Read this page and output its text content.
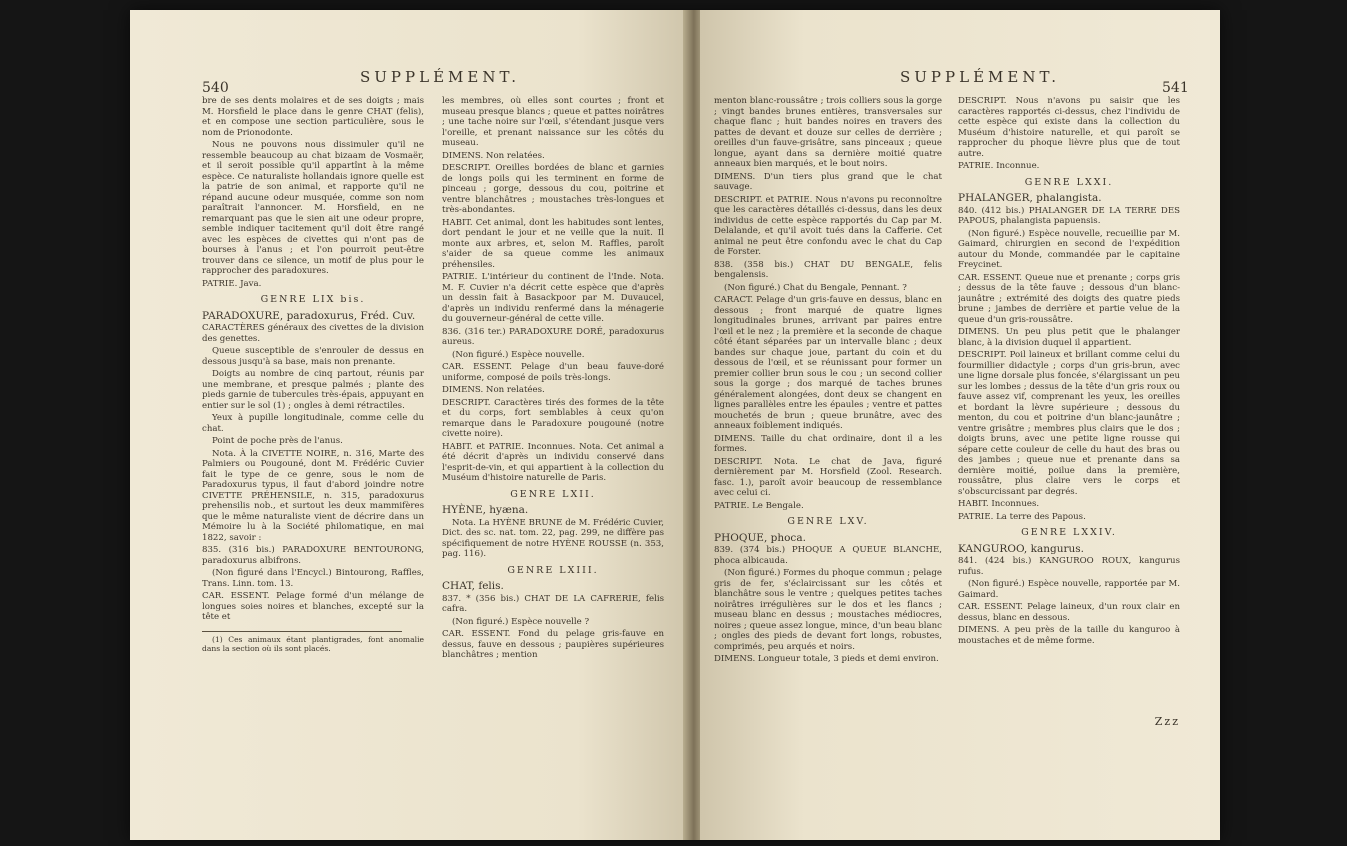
540
SUPPLÉMENT.

bre de ses dents molaires et de ses doigts ; mais M. Horsfield le place dans le genre CHAT (felis), et en compose une section particulière, sous le nom de Prionodonte.

Nous ne pouvons nous dissimuler qu'il ne ressemble beaucoup au chat bizaam de Vosmaër, et il seroit possible qu'il appartînt à la même espèce. Ce naturaliste hollandais ignore quelle est la patrie de son animal, et rapporte qu'il ne répand aucune odeur musquée, comme son nom paraîtrait l'annoncer. M. Horsfield, en ne remarquant pas que le sien ait une odeur propre, semble indiquer tacitement qu'il doit être rangé avec les espèces de civettes qui n'ont pas de bourses à l'anus ; et l'on pourroit peut-être trouver dans ce silence, un motif de plus pour le rapprocher des paradoxures.

PATRIE. Java.

GENRE LIX bis.

PARADOXURE, paradoxurus, Fréd. Cuv.

CARACTÈRES généraux des civettes de la division des genettes.

Queue susceptible de s'enrouler de dessus en dessous jusqu'à sa base, mais non prenante.

Doigts au nombre de cinq partout, réunis par une membrane, et presque palmés ; plante des pieds garnie de tubercules très-épais, appuyant en entier sur le sol (1) ; ongles à demi rétractiles.

Yeux à pupille longitudinale, comme celle du chat.

Point de poche près de l'anus.

Nota. À la CIVETTE NOIRE, n. 316, Marte des Palmiers ou Pougouné, dont M. Frédéric Cuvier fait le type de ce genre, sous le nom de Paradoxurus typus, il faut d'abord joindre notre CIVETTE PRÉHENSILE, n. 315, paradoxurus prehensilis nob., et surtout les deux mammifères que le même naturaliste vient de décrire dans un Mémoire lu à la Société philomatique, en mai 1822, savoir :

835. (316 bis.) PARADOXURE BENTOURONG, paradoxurus albifrons.

(Non figuré dans l'Encycl.) Bintourong, Raffles, Trans. Linn. tom. 13.

CAR. ESSENT. Pelage formé d'un mélange de longues soies noires et blanches, excepté sur la tête et

(1) Ces animaux étant plantigrades, font anomalie dans la section où ils sont placés.

les membres, où elles sont courtes ; front et museau presque blancs ; queue et pattes noirâtres ; une tache noire sur l'œil, s'étendant jusque vers l'oreille, et prenant naissance sur les côtés du museau.

DIMENS. Non relatées.

DESCRIPT. Oreilles bordées de blanc et garnies de longs poils qui les terminent en forme de pinceau ; gorge, dessous du cou, poitrine et ventre blanchâtres ; moustaches très-longues et très-abondantes.

HABIT. Cet animal, dont les habitudes sont lentes, dort pendant le jour et ne veille que la nuit. Il monte aux arbres, et, selon M. Raffles, paroît s'aider de sa queue comme les animaux préhensiles.

PATRIE. L'intérieur du continent de l'Inde. Nota. M. F. Cuvier n'a décrit cette espèce que d'après un dessin fait à Basackpoor par M. Duvaucel, d'après un individu renfermé dans la ménagerie du gouverneur-général de cette ville.

836. (316 ter.) PARADOXURE DORÉ, paradoxurus aureus.

(Non figuré.) Espèce nouvelle.

CAR. ESSENT. Pelage d'un beau fauve-doré uniforme, composé de poils très-longs.

DIMENS. Non relatées.

DESCRIPT. Caractères tirés des formes de la tête et du corps, fort semblables à ceux qu'on remarque dans le Paradoxure pougouné (notre civette noire).

HABIT. et PATRIE. Inconnues. Nota. Cet animal a été décrit d'après un individu conservé dans l'esprit-de-vin, et qui appartient à la collection du Muséum d'histoire naturelle de Paris.

GENRE LXII.

HYÈNE, hyæna.

Nota. La HYÈNE BRUNE de M. Frédéric Cuvier, Dict. des sc. nat. tom. 22, pag. 299, ne diffère pas spécifiquement de notre HYÈNE ROUSSE (n. 353, pag. 116).

GENRE LXIII.

CHAT, felis.

837. * (356 bis.) CHAT DE LA CAFRERIE, felis cafra.

(Non figuré.) Espèce nouvelle ?

CAR. ESSENT. Fond du pelage gris-fauve en dessus, fauve en dessous ; paupières supérieures blanchâtres ; mention

SUPPLÉMENT.
541

menton blanc-roussâtre ; trois colliers sous la gorge ; vingt bandes brunes entières, transversales sur chaque flanc ; huit bandes noires en travers des pattes de devant et douze sur celles de derrière ; oreilles d'un fauve-grisâtre, sans pinceaux ; queue longue, ayant dans sa dernière moitié quatre anneaux bien marqués, et le bout noirs.

DIMENS. D'un tiers plus grand que le chat sauvage.

DESCRIPT. et PATRIE. Nous n'avons pu reconnoître que les caractères détaillés ci-dessus, dans les deux individus de cette espèce rapportés du Cap par M. Delalande, et qu'il avoit tués dans la Cafferie. Cet animal ne peut être confondu avec le chat du Cap de Forster.

838. (358 bis.) CHAT DU BENGALE, felis bengalensis.

(Non figuré.) Chat du Bengale, Pennant. ?

CARACT. Pelage d'un gris-fauve en dessus, blanc en dessous ; front marqué de quatre lignes longitudinales brunes, arrivant par paires entre l'œil et le nez ; la première et la seconde de chaque côté étant séparées par un intervalle blanc ; deux bandes sur chaque joue, partant du coin et du dessous de l'œil, et se réunissant pour former un premier collier brun sous le cou ; un second collier sous la gorge ; dos marqué de taches brunes généralement alongées, dont deux se changent en lignes parallèles entre les épaules ; ventre et pattes mouchetés de brun ; queue brunâtre, avec des anneaux foiblement indiqués.

DIMENS. Taille du chat ordinaire, dont il a les formes.

DESCRIPT. Nota. Le chat de Java, figuré dernièrement par M. Horsfield (Zool. Research. fasc. 1.), paroît avoir beaucoup de ressemblance avec celui ci.

PATRIE. Le Bengale.

GENRE LXV.

PHOQUE, phoca.

839. (374 bis.) PHOQUE A QUEUE BLANCHE, phoca albicauda.

(Non figuré.) Formes du phoque commun ; pelage gris de fer, s'éclaircissant sur les côtés et blanchâtre sous le ventre ; quelques petites taches noirâtres irrégulières sur le dos et les flancs ; museau blanc en dessus ; moustaches médiocres, noires ; queue assez longue, mince, d'un beau blanc ; ongles des pieds de devant fort longs, robustes, comprimés, peu arqués et noirs.

DIMENS. Longueur totale, 3 pieds et demi environ.

DESCRIPT. Nous n'avons pu saisir que les caractères rapportés ci-dessus, chez l'individu de cette espèce qui existe dans la collection du Muséum d'histoire naturelle, et qui paroît se rapprocher du phoque lièvre plus que de tout autre.

PATRIE. Inconnue.

GENRE LXXI.

PHALANGER, phalangista.

840. (412 bis.) PHALANGER DE LA TERRE DES PAPOUS, phalangista papuensis.

(Non figuré.) Espèce nouvelle, recueillie par M. Gaimard, chirurgien en second de l'expédition autour du Monde, commandée par le capitaine Freycinet.

CAR. ESSENT. Queue nue et prenante ; corps gris ; dessus de la tête fauve ; dessous d'un blanc-jaunâtre ; extrémité des doigts des quatre pieds brune ; jambes de derrière et partie velue de la queue d'un gris-roussâtre.

DIMENS. Un peu plus petit que le phalanger blanc, à la division duquel il appartient.

DESCRIPT. Poil laineux et brillant comme celui du fourmillier didactyle ; corps d'un gris-brun, avec une ligne dorsale plus foncée, s'élargissant un peu sur les lombes ; dessus de la tête d'un gris roux ou fauve assez vif, comprenant les yeux, les oreilles et bordant la lèvre supérieure ; dessous du menton, du cou et poitrine d'un blanc-jaunâtre ; ventre grisâtre ; membres plus clairs que le dos ; doigts bruns, avec une petite ligne rousse qui sépare cette couleur de celle du haut des bras ou des jambes ; queue nue et prenante dans sa dernière moitié, poilue dans la première, roussâtre, plus claire vers le corps et s'obscurcissant par degrés.

HABIT. Inconnues.

PATRIE. La terre des Papous.

GENRE LXXIV.

KANGUROO, kangurus.

841. (424 bis.) KANGUROO ROUX, kangurus rufus.

(Non figuré.) Espèce nouvelle, rapportée par M. Gaimard.

CAR. ESSENT. Pelage laineux, d'un roux clair en dessus, blanc en dessous.

DIMENS. A peu près de la taille du kanguroo à moustaches et de même forme.

Zzz
